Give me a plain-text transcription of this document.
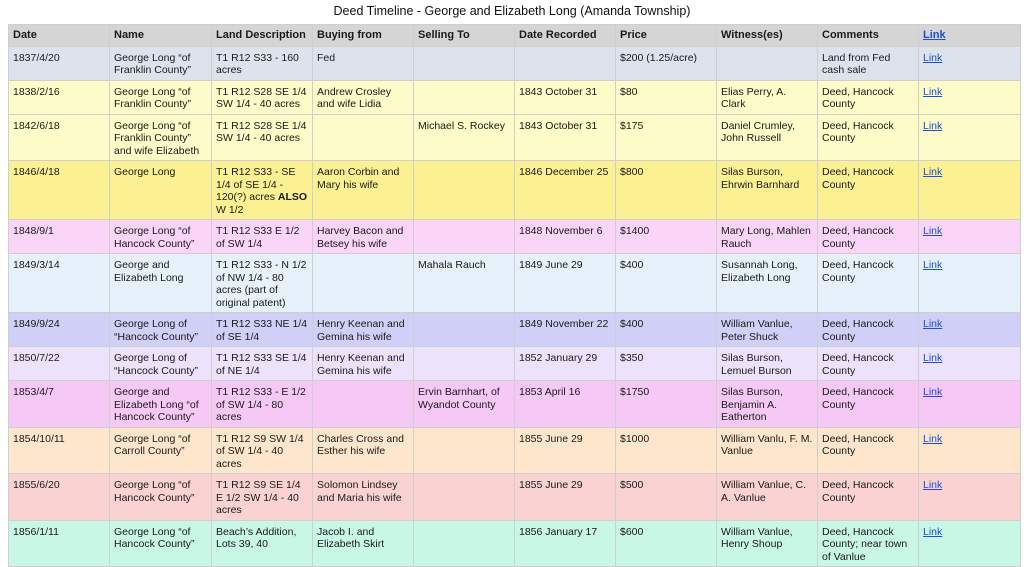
Deed Timeline - George and Elizabeth Long (Amanda Township)
Date	Name	Land Description	Buying from	Selling To	Date Recorded	Price	Witness(es)	Comments	Link
1837/4/20	George Long “of Franklin County”	T1 R12 S33 - 160 acres	Fed			$200 (1.25/acre)		Land from Fed cash sale	Link
1838/2/16	George Long “of Franklin County”	T1 R12 S28 SE 1/4 SW 1/4 - 40 acres	Andrew Crosley and wife Lidia		1843 October 31	$80	Elias Perry, A. Clark	Deed, Hancock County	Link
1842/6/18	George Long “of Franklin County” and wife Elizabeth	T1 R12 S28 SE 1/4 SW 1/4 - 40 acres		Michael S. Rockey	1843 October 31	$175	Daniel Crumley, John Russell	Deed, Hancock County	Link
1846/4/18	George Long	T1 R12 S33 - SE 1/4 of SE 1/4 - 120(?) acres ALSO W 1/2	Aaron Corbin and Mary his wife		1846 December 25	$800	Silas Burson, Ehrwin Barnhard	Deed, Hancock County	Link
1848/9/1	George Long “of Hancock County”	T1 R12 S33 E 1/2 of SW 1/4	Harvey Bacon and Betsey his wife		1848 November 6	$1400	Mary Long, Mahlen Rauch	Deed, Hancock County	Link
1849/3/14	George and Elizabeth Long	T1 R12 S33 - N 1/2 of NW 1/4 - 80 acres (part of original patent)		Mahala Rauch	1849 June 29	$400	Susannah Long, Elizabeth Long	Deed, Hancock County	Link
1849/9/24	George Long of “Hancock County”	T1 R12 S33 NE 1/4 of SE 1/4	Henry Keenan and Gemina his wife		1849 November 22	$400	William Vanlue, Peter Shuck	Deed, Hancock County	Link
1850/7/22	George Long of “Hancock County”	T1 R12 S33 SE 1/4 of NE 1/4	Henry Keenan and Gemina his wife		1852 January 29	$350	Silas Burson, Lemuel Burson	Deed, Hancock County	Link
1853/4/7	George and Elizabeth Long “of Hancock County”	T1 R12 S33 - E 1/2 of SW 1/4 - 80 acres		Ervin Barnhart, of Wyandot County	1853 April 16	$1750	Silas Burson, Benjamin A. Eatherton	Deed, Hancock County	Link
1854/10/11	George Long “of Carroll County”	T1 R12 S9 SW 1/4 of SW 1/4 - 40 acres	Charles Cross and Esther his wife		1855 June 29	$1000	William Vanlu, F. M. Vanlue	Deed, Hancock County	Link
1855/6/20	George Long “of Hancock County”	T1 R12 S9 SE 1/4 E 1/2 SW 1/4 - 40 acres	Solomon Lindsey and Maria his wife		1855 June 29	$500	William Vanlue, C. A. Vanlue	Deed, Hancock County	Link
1856/1/11	George Long “of Hancock County”	Beach’s Addition, Lots 39, 40	Jacob I. and Elizabeth Skirt		1856 January 17	$600	William Vanlue, Henry Shoup	Deed, Hancock County; near town of Vanlue	Link
